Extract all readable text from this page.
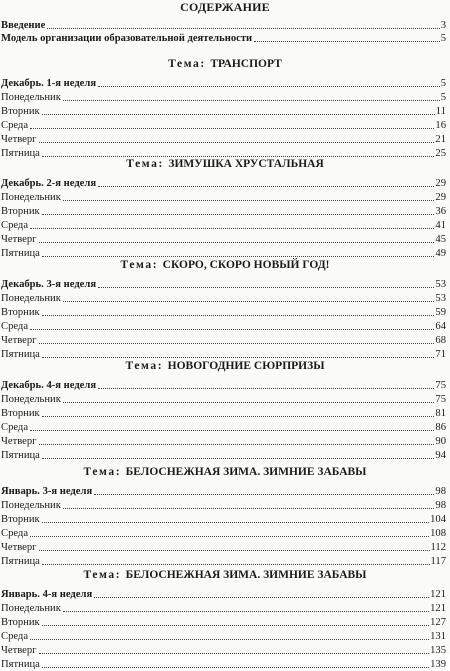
СОДЕРЖАНИЕ
Введение	3
Модель организации образовательной деятельности	5
Тема: ТРАНСПОРТ
Декабрь. 1-я неделя	5
Понедельник	5
Вторник	11
Среда	16
Четверг	21
Пятница	25
Тема: ЗИМУШКА ХРУСТАЛЬНАЯ
Декабрь. 2-я неделя	29
Понедельник	29
Вторник	36
Среда	41
Четверг	45
Пятница	49
Тема: СКОРО, СКОРО НОВЫЙ ГОД!
Декабрь. 3-я неделя	53
Понедельник	53
Вторник	59
Среда	64
Четверг	68
Пятница	71
Тема: НОВОГОДНИЕ СЮРПРИЗЫ
Декабрь. 4-я неделя	75
Понедельник	75
Вторник	81
Среда	86
Четверг	90
Пятница	94
Тема: БЕЛОСНЕЖНАЯ ЗИМА. ЗИМНИЕ ЗАБАВЫ
Январь. 3-я неделя	98
Понедельник	98
Вторник	104
Среда	108
Четверг	112
Пятница	117
Тема: БЕЛОСНЕЖНАЯ ЗИМА. ЗИМНИЕ ЗАБАВЫ
Январь. 4-я неделя	121
Понедельник	121
Вторник	127
Среда	131
Четверг	135
Пятница	139
